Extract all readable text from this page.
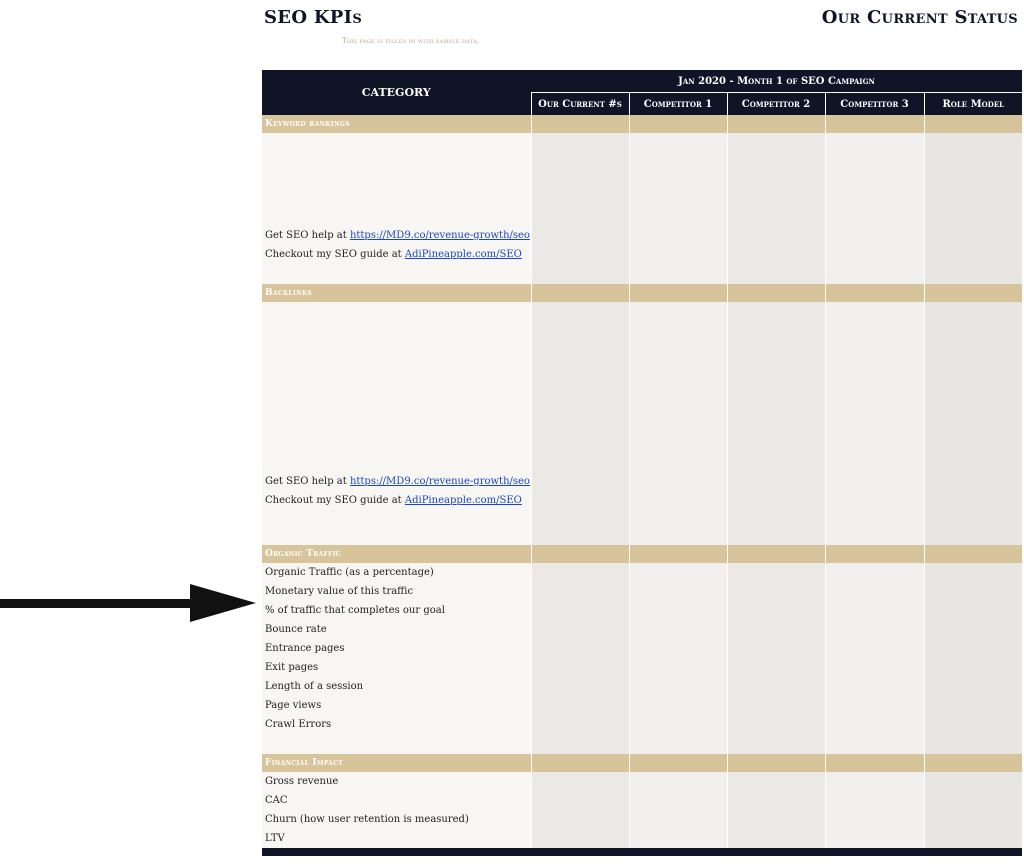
SEO KPIs	Our Current Status
This page is filled in with sample data.
CATEGORY	Jan 2020 - Month 1 of SEO Campaign				
	Our Current #s	Competitor 1	Competitor 2	Competitor 3	Role Model
Keyword rankings					

Get SEO help at https://MD9.co/revenue-growth/seo					
Checkout my SEO guide at AdiPineapple.com/SEO					

Backlinks					

Get SEO help at https://MD9.co/revenue-growth/seo					
Checkout my SEO guide at AdiPineapple.com/SEO					

Organic Traffic					
Organic Traffic (as a percentage)					
Monetary value of this traffic					
% of traffic that completes our goal					
Bounce rate					
Entrance pages					
Exit pages					
Length of a session					
Page views					
Crawl Errors					

Financial Impact					
Gross revenue					
CAC					
Churn (how user retention is measured)					
LTV					
